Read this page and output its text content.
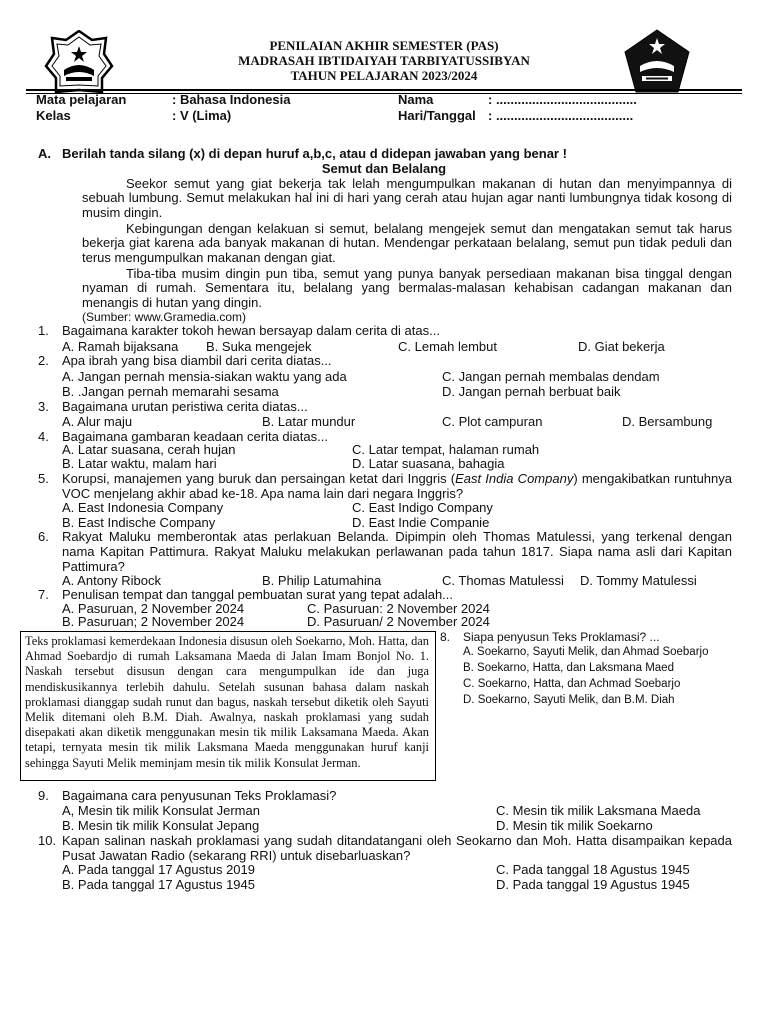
PENILAIAN AKHIR SEMESTER (PAS)
MADRASAH IBTIDAIYAH TARBIYATUSSIBYAN
TAHUN PELAJARAN 2023/2024
Mata pelajaran	: Bahasa Indonesia
Kelas	: V (Lima)
Nama	: .......................................
Hari/Tanggal : ......................................
A. Berilah tanda silang (x) di depan huruf a,b,c, atau d didepan jawaban yang benar !
Semut dan Belalang
Seekor semut yang giat bekerja tak lelah mengumpulkan makanan di hutan dan menyimpannya di sebuah lumbung. Semut melakukan hal ini di hari yang cerah atau hujan agar nanti lumbungnya tidak kosong di musim dingin.
Kebingungan dengan kelakuan si semut, belalang mengejek semut dan mengatakan semut tak harus bekerja giat karena ada banyak makanan di hutan. Mendengar perkataan belalang, semut pun tidak peduli dan terus mengumpulkan makanan dengan giat.
Tiba-tiba musim dingin pun tiba, semut yang punya banyak persediaan makanan bisa tinggal dengan nyaman di rumah. Sementara itu, belalang yang bermalas-malasan kehabisan cadangan makanan dan menangis di hutan yang dingin.
(Sumber: www.Gramedia.com)
1. Bagaimana karakter tokoh hewan bersayap dalam cerita di atas...
A. Ramah bijaksana B. Suka mengejek	C. Lemah lembut	D. Giat bekerja
2. Apa ibrah yang bisa diambil dari cerita diatas...
A. Jangan pernah mensia-siakan waktu yang ada
B. .Jangan pernah memarahi sesama
C. Jangan pernah membalas dendam
D. Jangan pernah berbuat baik
3. Bagaimana urutan peristiwa cerita diatas...
A. Alur maju	B. Latar mundur	C. Plot campuran	D. Bersambung
4. Bagaimana gambaran keadaan cerita diatas...
A. Latar suasana, cerah hujan
B. Latar waktu, malam hari
C. Latar tempat, halaman rumah
D. Latar suasana, bahagia
5. Korupsi, manajemen yang buruk dan persaingan ketat dari Inggris (East India Company) mengakibatkan runtuhnya VOC menjelang akhir abad ke-18. Apa nama lain dari negara Inggris?
A. East Indonesia Company
B. East Indische Company
C. East Indigo Company
D. East Indie Companie
6. Rakyat Maluku memberontak atas perlakuan Belanda. Dipimpin oleh Thomas Matulessi, yang terkenal dengan nama Kapitan Pattimura. Rakyat Maluku melakukan perlawanan pada tahun 1817. Siapa nama asli dari Kapitan Pattimura?
A. Antony Ribock	B. Philip Latumahina	C. Thomas Matulessi D. Tommy Matulessi
7. Penulisan tempat dan tanggal pembuatan surat yang tepat adalah...
A. Pasuruan, 2 November 2024
B. Pasuruan; 2 November 2024
C. Pasuruan: 2 November 2024
D. Pasuruan/ 2 November 2024

Teks proklamasi kemerdekaan Indonesia disusun oleh Soekarno, Moh. Hatta, dan Ahmad Soebardjo di rumah Laksamana Maeda di Jalan Imam Bonjol No. 1. Naskah tersebut disusun dengan cara mengumpulkan ide dan juga mendiskusikannya terlebih dahulu. Setelah susunan bahasa dalam naskah proklamasi dianggap sudah runut dan bagus, naskah tersebut diketik oleh Sayuti Melik ditemani oleh B.M. Diah. Awalnya, naskah proklamasi yang sudah disepakati akan diketik menggunakan mesin tik milik Laksamana Maeda. Akan tetapi, ternyata mesin tik milik Laksmana Maeda menggunakan huruf kanji sehingga Sayuti Melik meminjam mesin tik milik Konsulat Jerman.

8. Siapa penyusun Teks Proklamasi? ...
A. Soekarno, Sayuti Melik, dan Ahmad Soebarjo
B. Soekarno, Hatta, dan Laksmana Maed
C. Soekarno, Hatta, dan Achmad Soebarjo
D. Soekarno, Sayuti Melik, dan B.M. Diah
9. Bagaimana cara penyusunan Teks Proklamasi?
A, Mesin tik milik Konsulat Jerman
B. Mesin tik milik Konsulat Jepang
C. Mesin tik milik Laksmana Maeda
D. Mesin tik milik Soekarno
10. Kapan salinan naskah proklamasi yang sudah ditandatangani oleh Seokarno dan Moh. Hatta disampaikan kepada Pusat Jawatan Radio (sekarang RRI) untuk disebarluaskan?
A. Pada tanggal 17 Agustus 2019
B. Pada tanggal 17 Agustus 1945
C. Pada tanggal 18 Agustus 1945
D. Pada tanggal 19 Agustus 1945
